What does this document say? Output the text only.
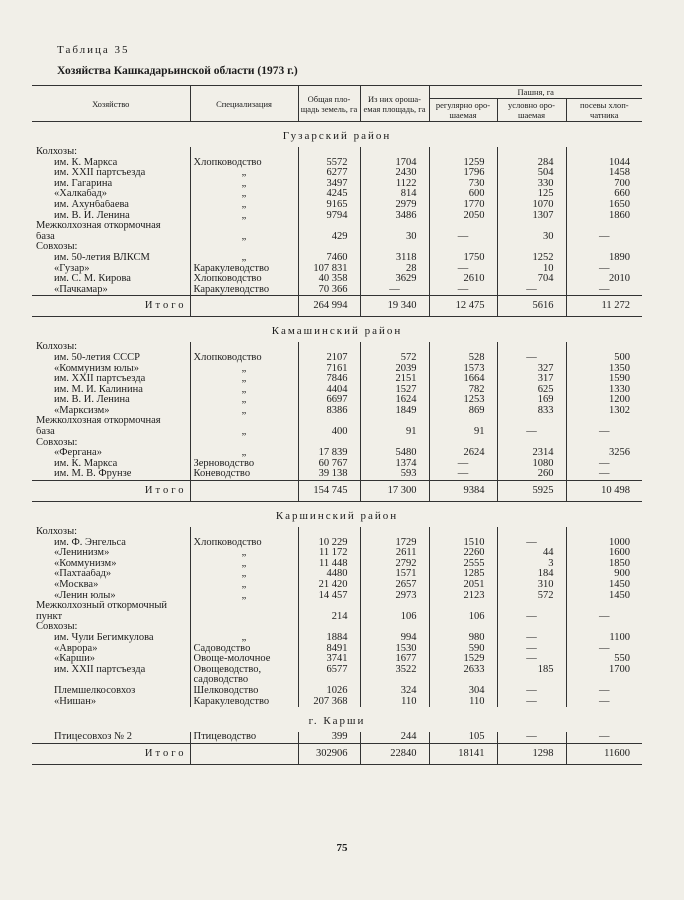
Таблица 35
Хозяйства Кашкадарьинской области (1973 г.)
Хозяйство	Специализация	Общая пло-щадь земель, га	Из них ороша-емая площадь, га	Пашня, га		
				регулярно оро-шаемая	условно оро-шаемая	посевы хлоп-чатника
Гузарский район						
Колхозы:						
им. К. Маркса	Хлопководство	5572	1704	1259	284	1044
им. XXII партсъезда	„	6277	2430	1796	504	1458
им. Гагарина	„	3497	1122	730	330	700
«Халкабад»	„	4245	814	600	125	660
им. Ахунбабаева	„	9165	2979	1770	1070	1650
им. В. И. Ленина	„	9794	3486	2050	1307	1860
Межколхозная откормочная						
база	„	429	30	—	30	—
Совхозы:						
им. 50-летия ВЛКСМ	„	7460	3118	1750	1252	1890
«Гузар»	Каракулеводство	107 831	28	—	10	—
им. С. М. Кирова	Хлопководство	40 358	3629	2610	704	2010
«Пачкамар»	Каракулеводство	70 366	—	—	—	—
Итого		264 994	19 340	12 475	5616	11 272
Камашинский район						
Колхозы:						
им. 50-летия СССР	Хлопководство	2107	572	528	—	500
«Коммунизм юлы»	„	7161	2039	1573	327	1350
им. XXII партсъезда	„	7846	2151	1664	317	1590
им. М. И. Калинина	„	4404	1527	782	625	1330
им. В. И. Ленина	„	6697	1624	1253	169	1200
«Марксизм»	„	8386	1849	869	833	1302
Межколхозная откормочная						
база	„	400	91	91	—	—
Совхозы:						
«Фергана»	„	17 839	5480	2624	2314	3256
им. К. Маркса	Зерноводство	60 767	1374	—	1080	—
им. М. В. Фрунзе	Коневодство	39 138	593	—	260	—
Итого		154 745	17 300	9384	5925	10 498
Каршинский район						
Колхозы:						
им. Ф. Энгельса	Хлопководство	10 229	1729	1510	—	1000
«Ленинизм»	„	11 172	2611	2260	44	1600
«Коммунизм»	„	11 448	2792	2555	3	1850
«Пахтаабад»	„	4480	1571	1285	184	900
«Москва»	„	21 420	2657	2051	310	1450
«Ленин юлы»	„	14 457	2973	2123	572	1450
Межколхозный откормочный						
пункт		214	106	106	—	—
Совхозы:						
им. Чули Бегимкулова	„	1884	994	980	—	1100
«Аврора»	Садоводство	8491	1530	590	—	—
«Карши»	Овоще-молочное	3741	1677	1529	—	550
им. XXII партсъезда	Овощеводство,	6577	3522	2633	185	1700
	садоводство					
Племшелкосовхоз	Шелководство	1026	324	304	—	—
«Нишан»	Каракулеводство	207 368	110	110	—	—
г. Карши						
Птицесовхоз № 2	Птицеводство	399	244	105	—	—
Итого		302906	22840	18141	1298	11600
75
